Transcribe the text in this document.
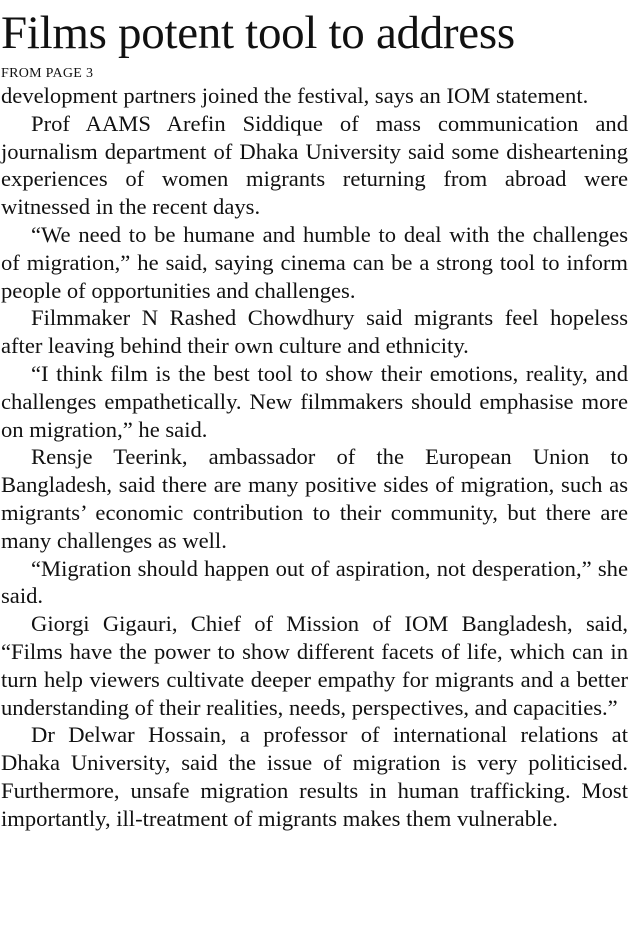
Films potent tool to address
FROM PAGE 3

development partners joined the festival, says an IOM statement.

Prof AAMS Arefin Siddique of mass communication and journalism department of Dhaka University said some disheartening experiences of women migrants returning from abroad were witnessed in the recent days.

“We need to be humane and humble to deal with the challenges of migration,” he said, saying cinema can be a strong tool to inform people of opportunities and challenges.

Filmmaker N Rashed Chowdhury said migrants feel hopeless after leaving behind their own culture and ethnicity.

“I think film is the best tool to show their emotions, reality, and challenges empathetically. New filmmakers should emphasise more on migration,” he said.

Rensje Teerink, ambassador of the European Union to Bangladesh, said there are many positive sides of migration, such as migrants’ economic contribution to their community, but there are many challenges as well.

“Migration should happen out of aspiration, not desperation,” she said.

Giorgi Gigauri, Chief of Mission of IOM Bangladesh, said, “Films have the power to show different facets of life, which can in turn help viewers cultivate deeper empathy for migrants and a better understanding of their realities, needs, perspectives, and capacities.”

Dr Delwar Hossain, a professor of international relations at Dhaka University, said the issue of migration is very politicised. Furthermore, unsafe migration results in human trafficking. Most importantly, ill-treatment of migrants makes them vulnerable.
